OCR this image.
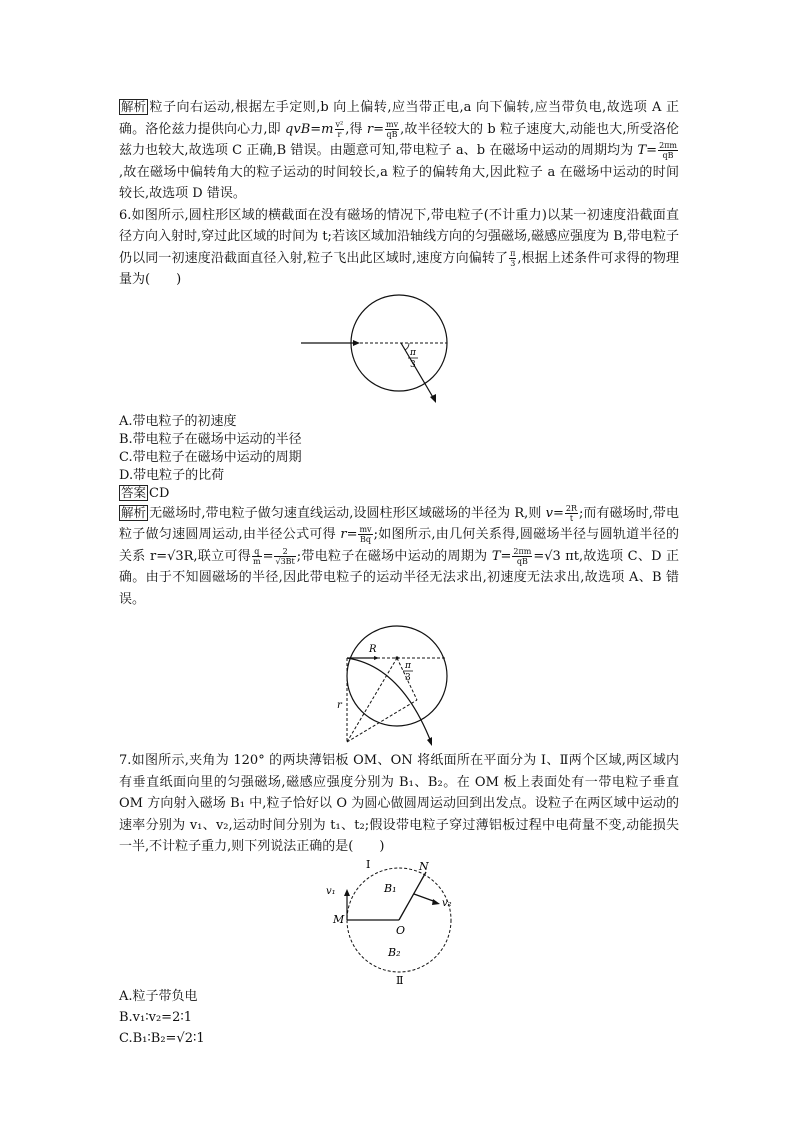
解析 粒子向右运动,根据左手定则,b 向上偏转,应当带正电,a 向下偏转,应当带负电,故选项 A 正确。洛伦兹力提供向心力,即 $qvB=m \frac{\text{v²}}{r}$ ,得 $r= \frac{mv}{qB}$ ,故半径较大的 b 粒子速度大,动能也大,所受洛伦兹力也较大,故选项 C 正确,B 错误。由题意可知,带电粒子 a、b 在磁场中运动的周期均为 $T= \frac{2\pi m}{qB}$
,故在磁场中偏转角大的粒子运动的时间较长,a 粒子的偏转角大,因此粒子 a 在磁场中运动的时间较长,故选项 D 错误。

6.如图所示,圆柱形区域的横截面在没有磁场的情况下,带电粒子(不计重力)以某一初速度沿截面直径方向入射时,穿过此区域的时间为 t;若该区域加沿轴线方向的匀强磁场,磁感应强度为 B,带电粒子仍以同一初速度沿截面直径入射,粒子飞出此区域时,速度方向偏转了 $\frac{\pi}{3}$ ,根据上述条件可求得的物理量为(　　)

π
3

A.带电粒子的初速度

B.带电粒子在磁场中运动的半径

C.带电粒子在磁场中运动的周期

D.带电粒子的比荷

答案 CD

解析 无磁场时,带电粒子做匀速直线运动,设圆柱形区域磁场的半径为 R,则 $v= \frac{2R}{t}$ ;而有磁场时,带电粒子做匀速圆周运动,由半径公式可得 $r= \frac{mv}{Bq}$ ;如图所示,由几何关系得,圆磁场半径与圆轨道半径的关系 r=√3R,联立可得 $\frac{q}{m} = \frac{2}{√3Bt}$ ;带电粒子在磁场中运动的周期为 $T= \frac{2\pi m}{qB} =√3$ πt,故选项 C、D 正确。由于不知圆磁场的半径,因此带电粒子的运动半径无法求出,初速度无法求出,故选项 A、B 错误。

R
r
π
3

7.如图所示,夹角为 120° 的两块薄铝板 OM、ON 将纸面所在平面分为 Ⅰ、Ⅱ两个区域,两区域内有垂直纸面向里的匀强磁场,磁感应强度分别为 B₁、B₂。在 OM 板上表面处有一带电粒子垂直 OM 方向射入磁场 B₁ 中,粒子恰好以 O 为圆心做圆周运动回到出发点。设粒子在两区域中运动的速率分别为 v₁、v₂,运动时间分别为 t₁、t₂;假设带电粒子穿过薄铝板过程中电荷量不变,动能损失一半,不计粒子重力,则下列说法正确的是(　　)

Ⅰ	N
M
O
B₁
B₂
v₁
v₂
Ⅱ

A.粒子带负电

B.v₁∶v₂=2∶1

C.B₁∶B₂=√2∶1
